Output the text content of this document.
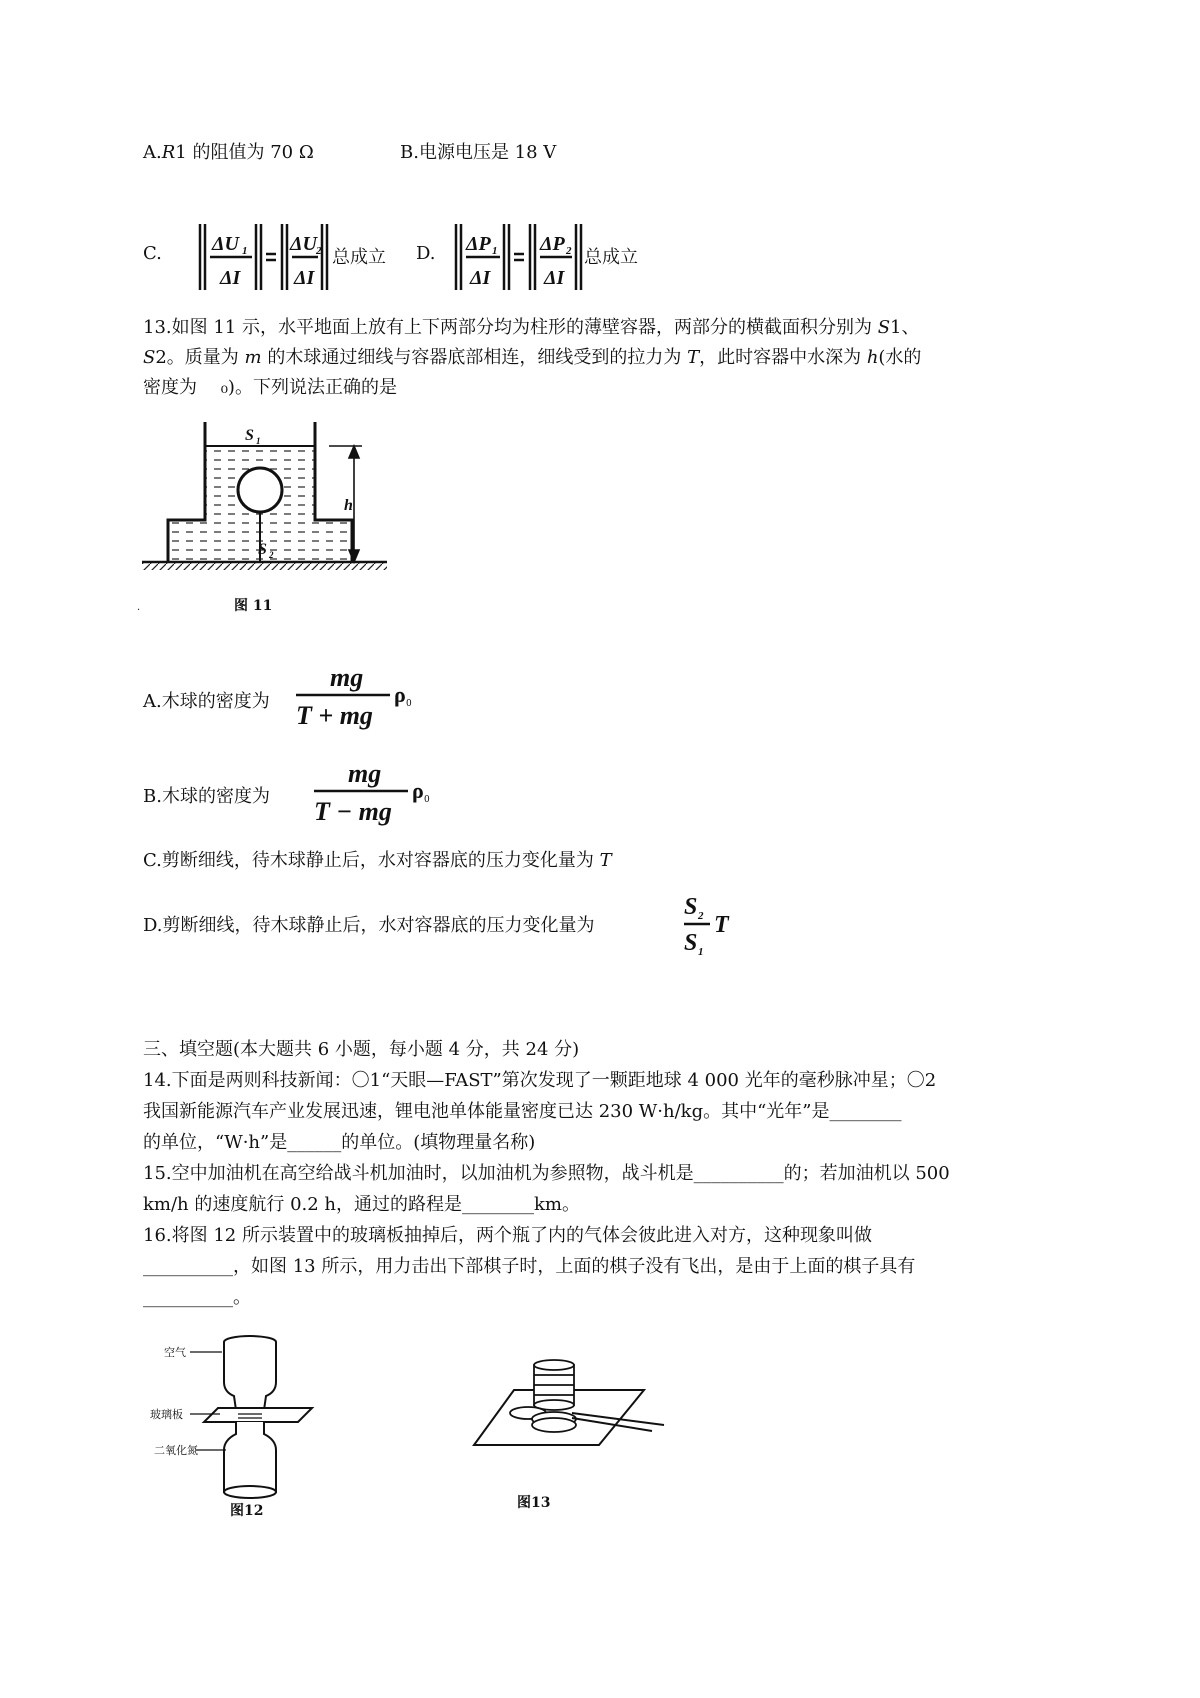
A.R1 的阻值为 70 Ω	B.电源电压是 18 V
C.	ΔU 1
ΔI
ΔU 2
ΔI
总成立 D. ΔP 1
ΔI
ΔP 2
ΔI
总成立
13.如图 11 示，水平地面上放有上下两部分均为柱形的薄壁容器，两部分的横截面积分别为 S1、
S2。质量为 m 的木球通过细线与容器底部相连，细线受到的拉力为 T，此时容器中水深为 h(水的
密度为　 ₀)。下列说法正确的是
S 1
S 2
h
.	图 11
A.木球的密度为
mg
T + mg
ρ 0
B.木球的密度为
mg
T − mg
ρ 0
C.剪断细线，待木球静止后，水对容器底的压力变化量为 T
D.剪断细线，待木球静止后，水对容器底的压力变化量为
S 2
S 1
T
三、填空题(本大题共 6 小题，每小题 4 分，共 24 分)
14.下面是两则科技新闻：〇1“天眼—FAST”第次发现了一颗距地球 4 000 光年的毫秒脉冲星；〇2
我国新能源汽车产业发展迅速，锂电池单体能量密度已达 230 W·h/kg。其中“光年”是________
的单位，“W·h”是______的单位。(填物理量名称)
15.空中加油机在高空给战斗机加油时，以加油机为参照物，战斗机是__________的；若加油机以 500
km/h 的速度航行 0.2 h，通过的路程是________km。
16.将图 12 所示装置中的玻璃板抽掉后，两个瓶了内的气体会彼此进入对方，这种现象叫做
__________，如图 13 所示，用力击出下部棋子时，上面的棋子没有飞出，是由于上面的棋子具有
__________。
空气
玻璃板
二氧化氮
图12	图13
